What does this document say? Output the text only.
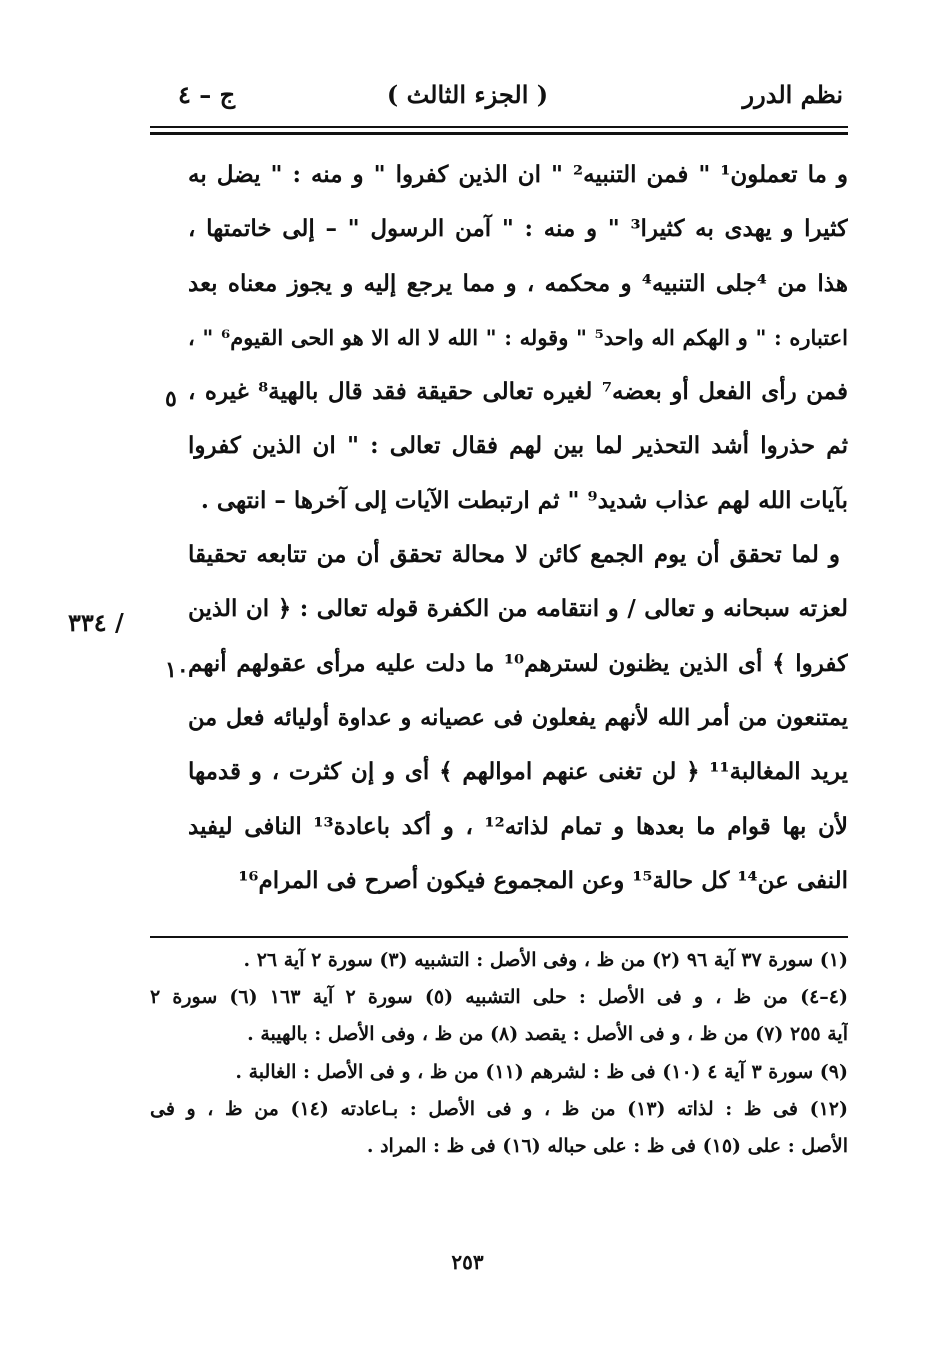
نظم الدرر
( الجزء الثالث )
ج – ٤
و ما تعملون¹ " فمن التنبيه² " ان الذين كفروا " و منه : " يضل به
كثيرا و يهدى به كثيرا³ " و منه : " آمن الرسول " – إلى خاتمتها ،
هذا من ⁴جلى التنبيه⁴ و محكمه ، و مما يرجع إليه و يجوز معناه بعد
اعتباره : " و الهكم اله واحد⁵ " وقوله : " الله لا اله الا هو الحى القيوم⁶ " ،
فمن رأى الفعل أو بعضه⁷ لغيره تعالى حقيقة فقد قال بالهية⁸ غيره ،
ثم حذروا أشد التحذير لما بين لهم فقال تعالى : " ان الذين كفروا
بآيات الله لهم عذاب شديد⁹ " ثم ارتبطت الآيات إلى آخرها – انتهى .
و لما تحقق أن يوم الجمع كائن لا محالة تحقق أن من تتابعه تحقيقا
لعزته سبحانه و تعالى / و انتقامه من الكفرة قوله تعالى : ﴿ ان الذين
كفروا ﴾ أى الذين يظنون لسترهم¹⁰ ما دلت عليه مرأى عقولهم أنهم
يمتنعون من أمر الله لأنهم يفعلون فى عصيانه و عداوة أوليائه فعل من
يريد المغالبة¹¹ ﴿ لن تغنى عنهم اموالهم ﴾ أى و إن كثرت ، و قدمها
لأن بها قوام ما بعدها و تمام لذاته¹² ، و أكد باعادة¹³ النافى ليفيد
النفى عن¹⁴ كل حالة¹⁵ وعن المجموع فيكون أصرح فى المرام¹⁶
٥
١٠
/ ٣٣٤
(١) سورة ٣٧ آية ٩٦ (٢) من ظ ، وفى الأصل : التشبيه (٣) سورة ٢ آية ٢٦ .
(٤–٤) من ظ ، و فى الأصل : حلى التشبيه (٥) سورة ٢ آية ١٦٣ (٦) سورة ٢
آية ٢٥٥ (٧) من ظ ، و فى الأصل : يقصد (٨) من ظ ، وفى الأصل : بالهيبة .
(٩) سورة ٣ آية ٤ (١٠) فى ظ : لشرهم (١١) من ظ ، و فى الأصل : الغالبة .
(١٢) فى ظ : لذاته (١٣) من ظ ، و فى الأصل : بـاعادته (١٤) من ظ ، و فى
الأصل : على (١٥) فى ظ : على حباله (١٦) فى ظ : المراد .
٢٥٣
